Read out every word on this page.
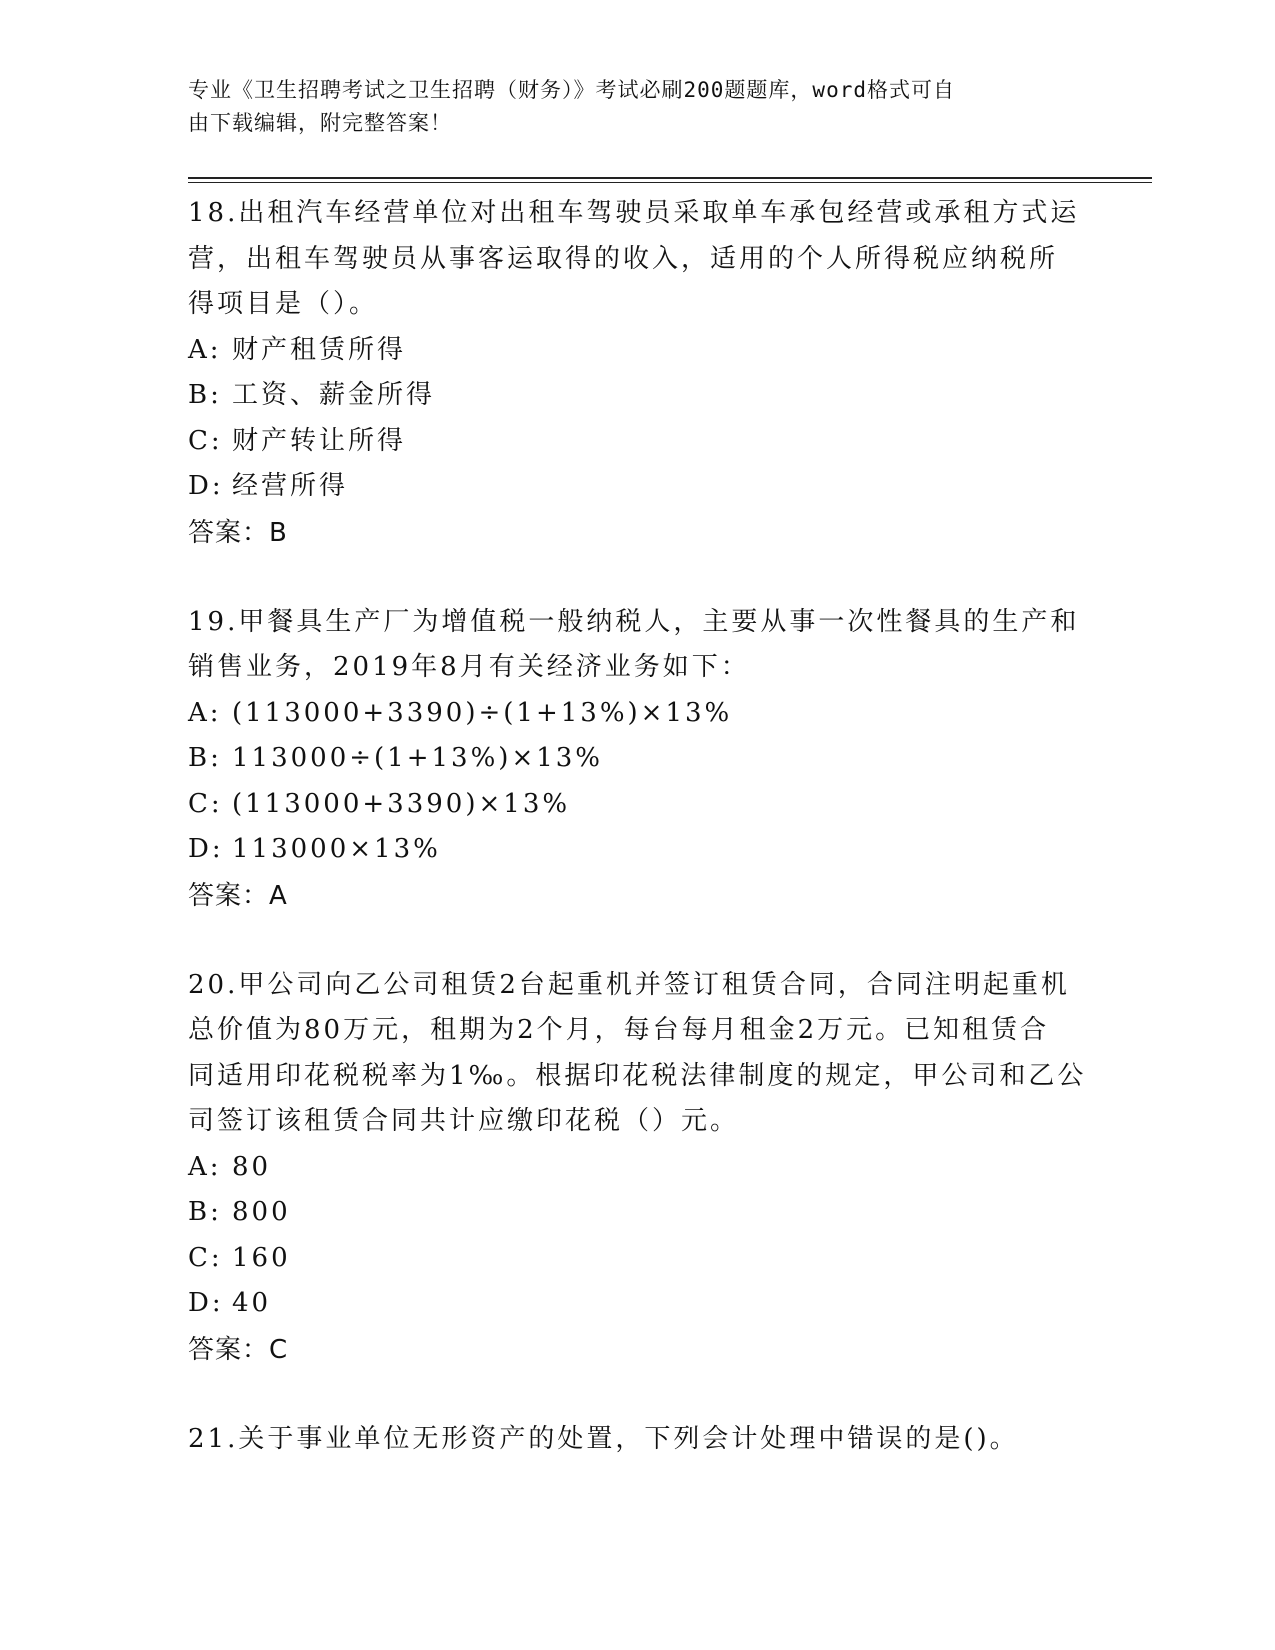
专业《卫生招聘考试之卫生招聘（财务）》考试必刷200题题库，word格式可自
由下载编辑，附完整答案！

18.出租汽车经营单位对出租车驾驶员采取单车承包经营或承租方式运

营，出租车驾驶员从事客运取得的收入，适用的个人所得税应纳税所

得项目是（）。

A: 财产租赁所得
B: 工资、薪金所得
C: 财产转让所得
D: 经营所得

答案：B

19.甲餐具生产厂为增值税一般纳税人，主要从事一次性餐具的生产和

销售业务，2019年8月有关经济业务如下：

A: (113000+3390)÷(1+13%)×13%
B: 113000÷(1+13%)×13%
C: (113000+3390)×13%
D: 113000×13%

答案：A

20.甲公司向乙公司租赁2台起重机并签订租赁合同，合同注明起重机

总价值为80万元，租期为2个月，每台每月租金2万元。已知租赁合

同适用印花税税率为1‰。根据印花税法律制度的规定，甲公司和乙公

司签订该租赁合同共计应缴印花税（）元。

A: 80
B: 800
C: 160
D: 40

答案：C

21.关于事业单位无形资产的处置，下列会计处理中错误的是()。
